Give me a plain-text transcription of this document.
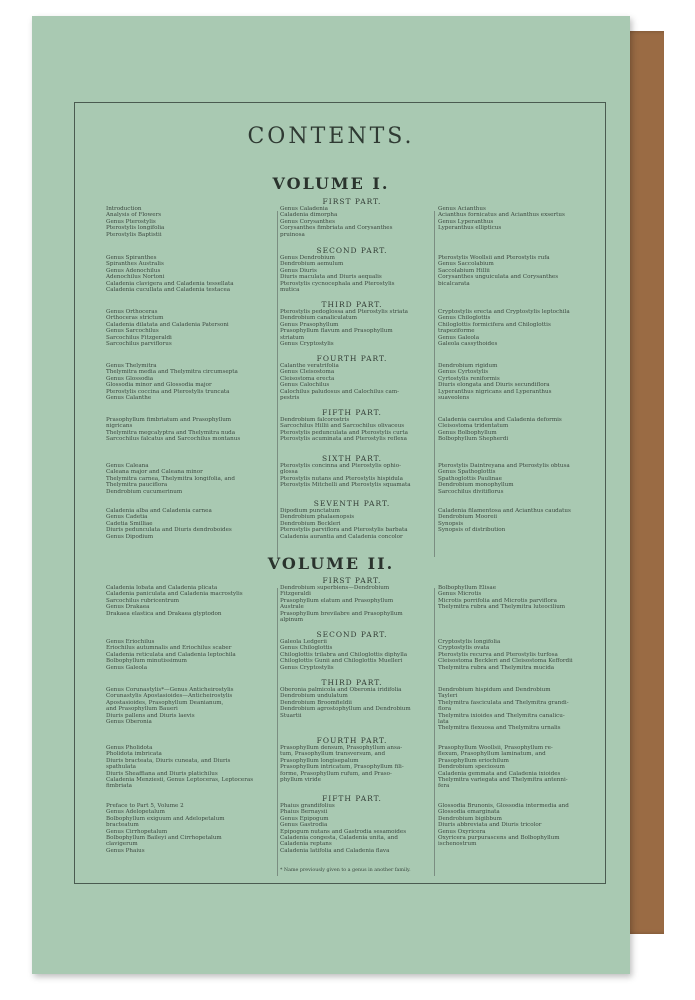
CONTENTS.
VOLUME I.
FIRST PART.
Introduction
Analysis of Flowers
Genus Pterostylis
Pterostylis longifolia
Pterostylis Baptistii
Genus Caladenia
Caladenia dimorpha
Genus Corysanthes
Corysanthes fimbriata and Corysanthes
pruinosa
Genus Acianthus
Acianthus fornicatus and Acianthus exsertus
Genus Lyperanthus
Lyperanthus ellipticus
SECOND PART.
Genus Spiranthes
Spiranthes Australis
Genus Adenochilus
Adenochilus Nortoni
Caladenia clavigera and Caladenia tessellata
Caladenia cucullata and Caladenia testacea
Genus Dendrobium
Dendrobium aemulum
Genus Diuris
Diuris maculata and Diuris aequalis
Pterostylis cycnocephala and Pterostylis
mutica
Pterostylis Woollsii and Pterostylis rufa
Genus Saccolabium
Saccolabium Hillii
Corysanthes unguiculata and Corysanthes
bicalcarata
THIRD PART.
Genus Orthoceras
Orthoceras strictum
Caladenia dilatata and Caladenia Patersoni
Genus Sarcochilus
Sarcochilus Fitzgeraldi
Sarcochilus parviflorus
Pterostylis pedoglossa and Pterostylis striata
Dendrobium canaliculatum
Genus Prasophyllum
Prasophyllum flavum and Prasophyllum
striatum
Genus Cryptostylis
Cryptostylis erecta and Cryptostylis leptochila
Genus Chiloglottis
Chiloglottis formicifera and Chiloglottis
trapeziforme
Genus Galeola
Galeola cassythoides
FOURTH PART.
Genus Thelymitra
Thelymitra media and Thelymitra circumsepta
Genus Glossodia
Glossodia minor and Glossodia major
Pterostylis coccina and Pterostylis truncata
Genus Calanthe
Calanthe veratrifolia
Genus Cleisostoma
Cleisostoma erecta
Genus Calochilus
Calochilus paludosus and Calochilus cam-
pestris
Dendrobium rigidum
Genus Cyrtostylis
Cyrtostylis reniformis
Diuris elongata and Diuris secundiflora
Lyperanthus nigricans and Lyperanthus
suaveolens
FIFTH PART.
Prasophyllum fimbriatum and Prasophyllum
nigricans
Thelymitra megcalyptra and Thelymitra nuda
Sarcochilus falcatus and Sarcochilus montanus
Dendrobium falcorostris
Sarcochilus Hillii and Sarcochilus olivaceus
Pterostylis pedunculata and Pterostylis curta
Pterostylis acuminata and Pterostylis reflexa
Caladenia caerulea and Caladenia deformis
Cleisostoma tridentatum
Genus Bolbophyllum
Bolbophyllum Shepherdi
SIXTH PART.
Genus Caleana
Caleana major and Caleana minor
Thelymitra carnea, Thelymitra longifolia, and
Thelymitra pauciflora
Dendrobium cucumerinum
Pterostylis concinna and Pterostylis ophio-
glossa
Pterostylis nutans and Pterostylis hispidula
Pterostylis Mitchelli and Pterostylis squamata
Pterostylis Daintreyana and Pterostylis obtusa
Genus Spathoglottis
Spathoglottis Paulinae
Dendrobium monophyllum
Sarcochilus divitiflorus
SEVENTH PART.
Caladenia alba and Caladenia carnea
Genus Cadetia
Cadetia Smilliae
Diuris pedunculata and Diuris dendroboides
Genus Dipodium
Dipodium punctatum
Dendrobium phalaenopsis
Dendrobium Beckleri
Pterostylis parviflora and Pterostylis barbata
Caladenia aurantia and Caladenia concolor
Caladenia filamentosa and Acianthus caudatus
Dendrobium Mooreii
Synopsis
Synopsis of distribution
VOLUME II.
FIRST PART.
Caladenia lobata and Caladenia plicata
Caladenia paniculata and Caladenia macrostylis
Sarcochilus rubricentrum
Genus Drakaea
Drakaea elastica and Drakaea glyptodon
Dendrobium superbiens—Dendrobium
Fitzgeraldi
Prasophyllum elatum and Prasophyllum
Australe
Prasophyllum brevilabre and Prasophyllum
alpinum
Bolbophyllum Elisae
Genus Microtis
Microtis porrifolia and Microtis parviflora
Thelymitra rubra and Thelymitra luteocilium
SECOND PART.
Genus Eriochilus
Eriochilus autumnalis and Eriochilus scaber
Caladenia reticulata and Caladenia leptochila
Bolbophyllum minutissimum
Genus Galeola
Galeola Ledgerii
Genus Chiloglottis
Chiloglottis trilabra and Chiloglottis diphylla
Chiloglottis Gunii and Chiloglottis Muelleri
Genus Cryptostylis
Cryptostylis longifolia
Cryptostylis ovata
Pterostylis recurva and Pterostylis turfosa
Cleisostoma Beckleri and Cleisostoma Keffordii
Thelymitra rubra and Thelymitra mucida
THIRD PART.
Genus Corunastylis*—Genus Anticheirostylis
Corunastylis Apostasioides—Anticheirostylis
Apostasioides, Prasophyllum Deanianum,
and Prasophyllum Baueri
Diuris pallens and Diuris laevis
Genus Oberonia
Oberonia palmicola and Oberonia iridifolia
Dendrobium undulatum
Dendrobium Broomfieldii
Dendrobium agrostophyllum and Dendrobium
Stuartii
Dendrobium hispidum and Dendrobium
Tayleri
Thelymitra fasciculata and Thelymitra grandi-
flora
Thelymitra ixioides and Thelymitra canalicu-
lata
Thelymitra flexuosa and Thelymitra urnalis
FOURTH PART.
Genus Pholidota
Pholidota imbricata
Diuris bracteata, Diuris cuneata, and Diuris
spathulata
Diuris Sheaffiana and Diuris platichilus
Caladenia Menziesii, Genus Leptoceras, Leptoceras
fimbriata
Prasophyllum densum, Prasophyllum ansa-
tum, Prasophyllum transversum, and
Prasophyllum longisepalum
Prasophyllum intricatum, Prasophyllum fili-
forme, Prasophyllum rufum, and Praso-
phyllum viride
Prasophyllum Woollsii, Prasophyllum re-
flexum, Prasophyllum laminatum, and
Prasophyllum eriochilum
Dendrobium speciosum
Caladenia gemmata and Caladenia ixioides
Thelymitra variegata and Thelymitra antenni-
fera
FIFTH PART.
Preface to Part 5, Volume 2
Genus Adelopetalum
Bolbophyllum exiguum and Adelopetalum
bracteatum
Genus Cirrhopetalum
Bolbophyllum Baileyi and Cirrhopetalum
clavigerum
Genus Phaius
Phaius grandifolius
Phaius Bernaysii
Genus Epipogum
Genus Gastrodia
Epipogum nutans and Gastrodia sesamoides
Caladenia congesta, Caladenia unita, and
Caladenia reptans
Caladenia latifolia and Caladenia flava
Glossodia Brunonis, Glossodia intermedia and
Glossodia emarginata
Dendrobium bigibbum
Diuris abbreviata and Diuris tricolor
Genus Oxyricera
Oxyricera purpurascens and Bolbophyllum
ischenostrum
* Name previously given to a genus in another family.
